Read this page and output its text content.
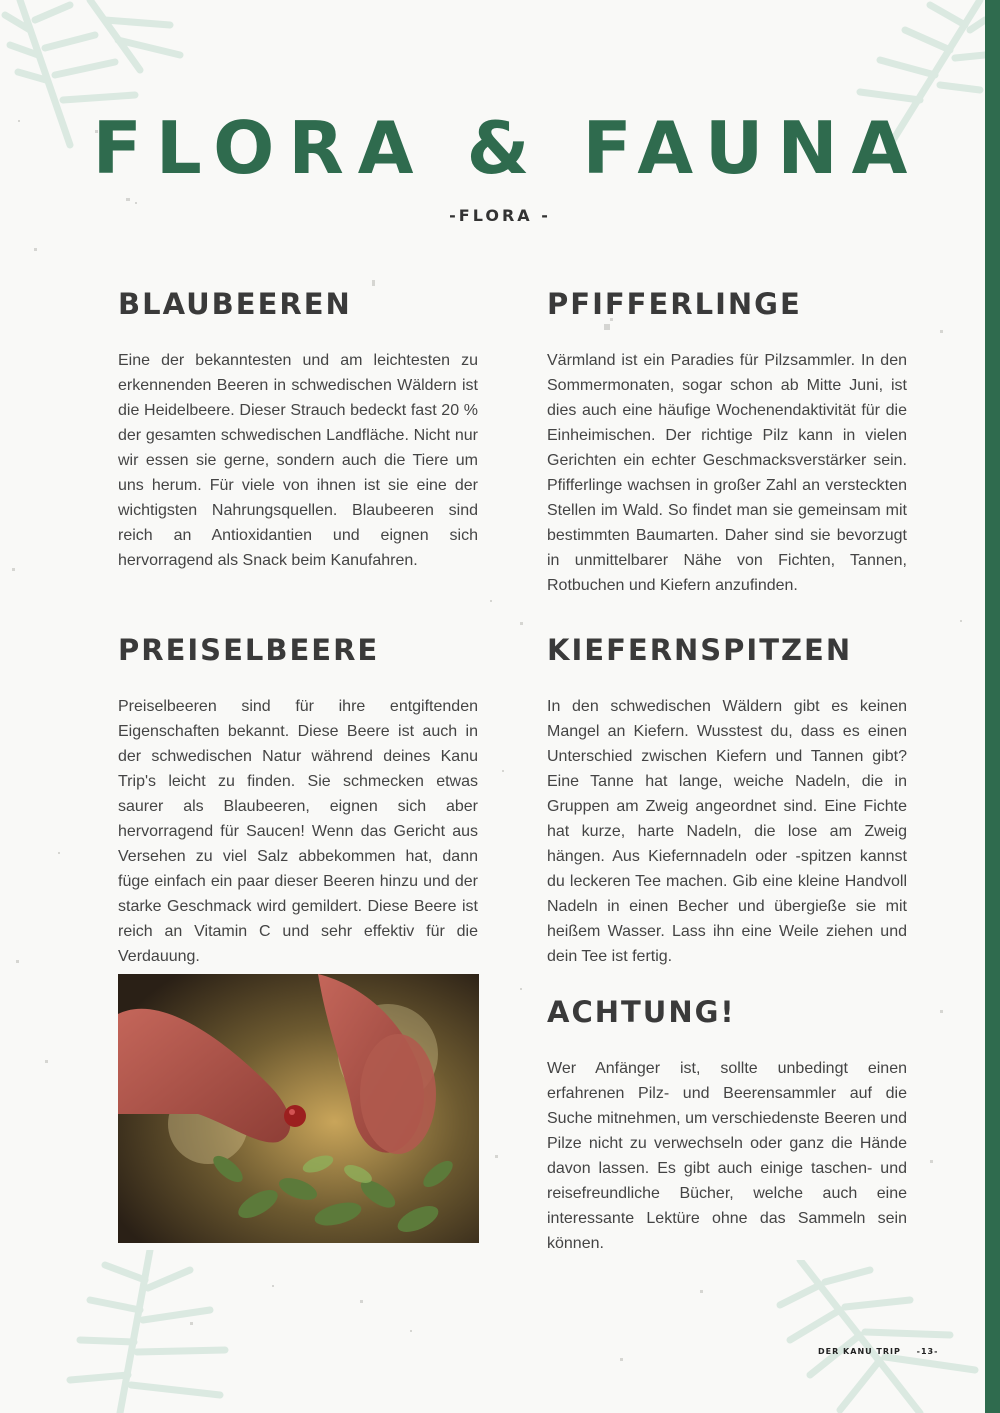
FLORA & FAUNA
-FLORA -
BLAUBEEREN

Eine der bekanntesten und am leichtesten zu erkennenden Beeren in schwedischen Wäldern ist die Heidelbeere. Dieser Strauch bedeckt fast 20 % der gesamten schwedischen Landfläche. Nicht nur wir essen sie gerne, sondern auch die Tiere um uns herum. Für viele von ihnen ist sie eine der wichtigsten Nahrungsquellen. Blaubeeren sind reich an Antioxidantien und eignen sich hervorragend als Snack beim Kanufahren.

PFIFFERLINGE

Värmland ist ein Paradies für Pilzsammler. In den Sommermonaten, sogar schon ab Mitte Juni, ist dies auch eine häufige Wochenendaktivität für die Einheimischen. Der richtige Pilz kann in vielen Gerichten ein echter Geschmacksverstärker sein. Pfifferlinge wachsen in großer Zahl an versteckten Stellen im Wald. So findet man sie gemeinsam mit bestimmten Baumarten. Daher sind sie bevorzugt in unmittelbarer Nähe von Fichten, Tannen, Rotbuchen und Kiefern anzufinden.

PREISELBEERE

Preiselbeeren sind für ihre entgiftenden Eigenschaften bekannt. Diese Beere ist auch in der schwedischen Natur während deines Kanu Trip's leicht zu finden. Sie schmecken etwas saurer als Blaubeeren, eignen sich aber hervorragend für Saucen! Wenn das Gericht aus Versehen zu viel Salz abbekommen hat, dann füge einfach ein paar dieser Beeren hinzu und der starke Geschmack wird gemildert. Diese Beere ist reich an Vitamin C und sehr effektiv für die Verdauung.

KIEFERNSPITZEN

In den schwedischen Wäldern gibt es keinen Mangel an Kiefern. Wusstest du, dass es einen Unterschied zwischen Kiefern und Tannen gibt? Eine Tanne hat lange, weiche Nadeln, die in Gruppen am Zweig angeordnet sind. Eine Fichte hat kurze, harte Nadeln, die lose am Zweig hängen. Aus Kiefernnadeln oder -spitzen kannst du leckeren Tee machen. Gib eine kleine Handvoll Nadeln in einen Becher und übergieße sie mit heißem Wasser. Lass ihn eine Weile ziehen und dein Tee ist fertig.

ACHTUNG!

Wer Anfänger ist, sollte unbedingt einen erfahrenen Pilz- und Beerensammler auf die Suche mitnehmen, um verschiedenste Beeren und Pilze nicht zu verwechseln oder ganz die Hände davon lassen. Es gibt auch einige taschen- und reisefreundliche Bücher, welche auch eine interessante Lektüre ohne das Sammeln sein können.

DER KANU TRIP -13-
